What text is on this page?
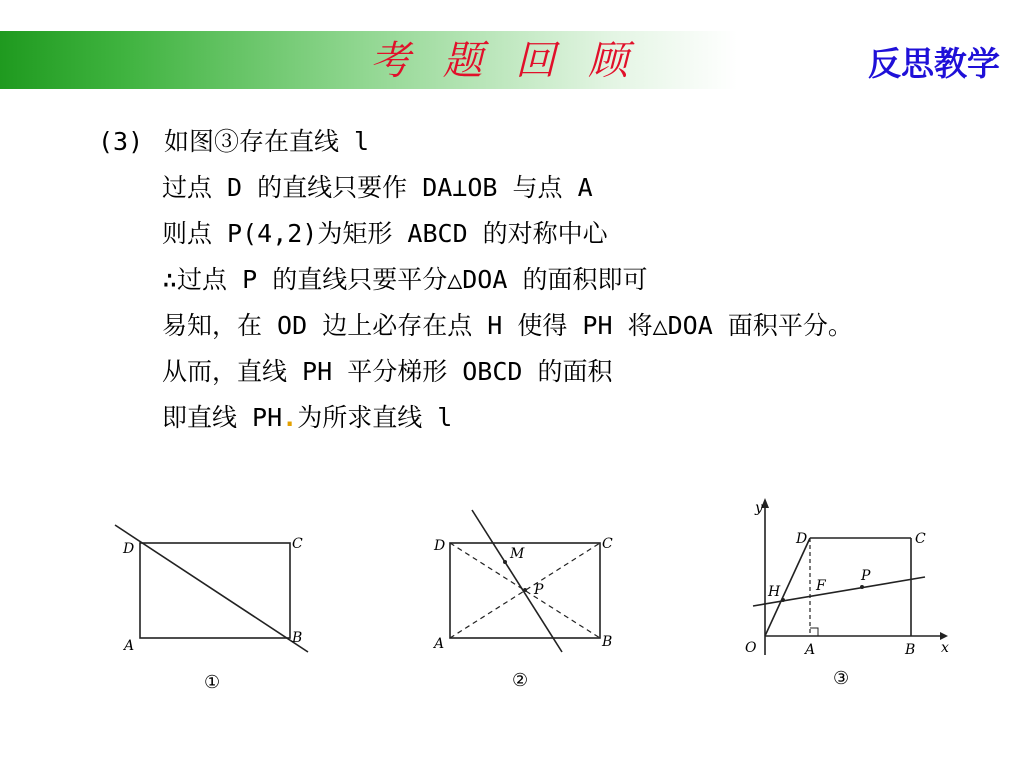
考 题 回 顾	反思教学
(3) 如图③存在直线 l
过点 D 的直线只要作 DA⊥OB 与点 A
则点 P(4,2)为矩形 ABCD 的对称中心
∴过点 P 的直线只要平分△DOA 的面积即可
易知，在 OD 边上必存在点 H 使得 PH 将△DOA 面积平分。
从而，直线 PH 平分梯形 OBCD 的面积
即直线 PH.为所求直线 l
D	C
A	B
①
D	C
A	B
M
P
②
y
x
O
D	C
A	B
H	F
P
③
